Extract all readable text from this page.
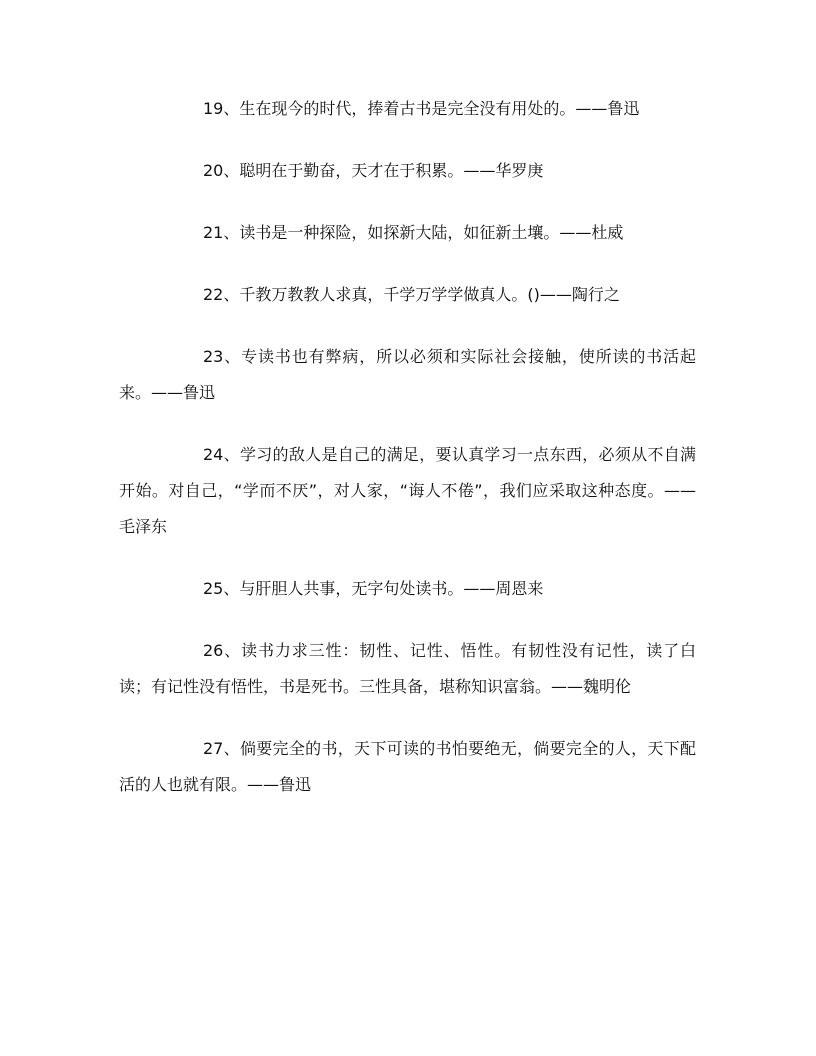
19、生在现今的时代，捧着古书是完全没有用处的。——鲁迅

20、聪明在于勤奋，天才在于积累。——华罗庚

21、读书是一种探险，如探新大陆，如征新土壤。——杜威

22、千教万教教人求真，千学万学学做真人。()——陶行之

23、专读书也有弊病，所以必须和实际社会接触，使所读的书活起来。——鲁迅

24、学习的敌人是自己的满足，要认真学习一点东西，必须从不自满开始。对自己，“学而不厌”，对人家，“诲人不倦”，我们应采取这种态度。——毛泽东

25、与肝胆人共事，无字句处读书。——周恩来

26、读书力求三性：韧性、记性、悟性。有韧性没有记性，读了白读；有记性没有悟性，书是死书。三性具备，堪称知识富翁。——魏明伦

27、倘要完全的书，天下可读的书怕要绝无，倘要完全的人，天下配活的人也就有限。——鲁迅
